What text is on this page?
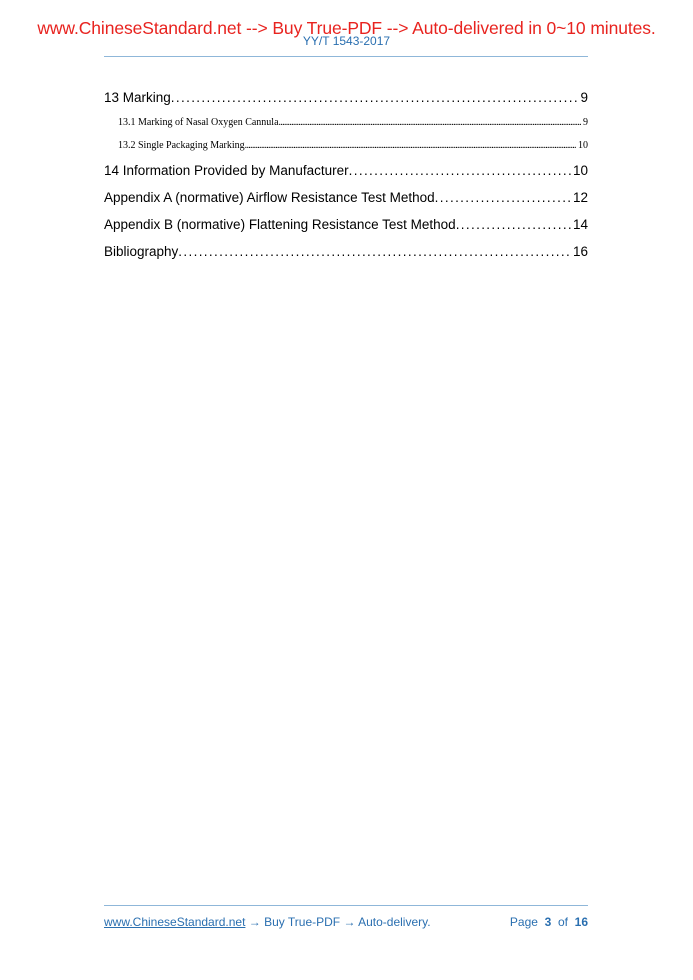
www.ChineseStandard.net --> Buy True-PDF --> Auto-delivered in 0~10 minutes.
YY/T 1543-2017
13 Marking . . .	9
13.1 Marking of Nasal Oxygen Cannula . . .	9
13.2 Single Packaging Marking . . .	10
14 Information Provided by Manufacturer . . .	10
Appendix A (normative) Airflow Resistance Test Method . . .	12
Appendix B (normative) Flattening Resistance Test Method . . .	14
Bibliography . . .	16
www.ChineseStandard.net → Buy True-PDF → Auto-delivery.	Page 3 of 16
